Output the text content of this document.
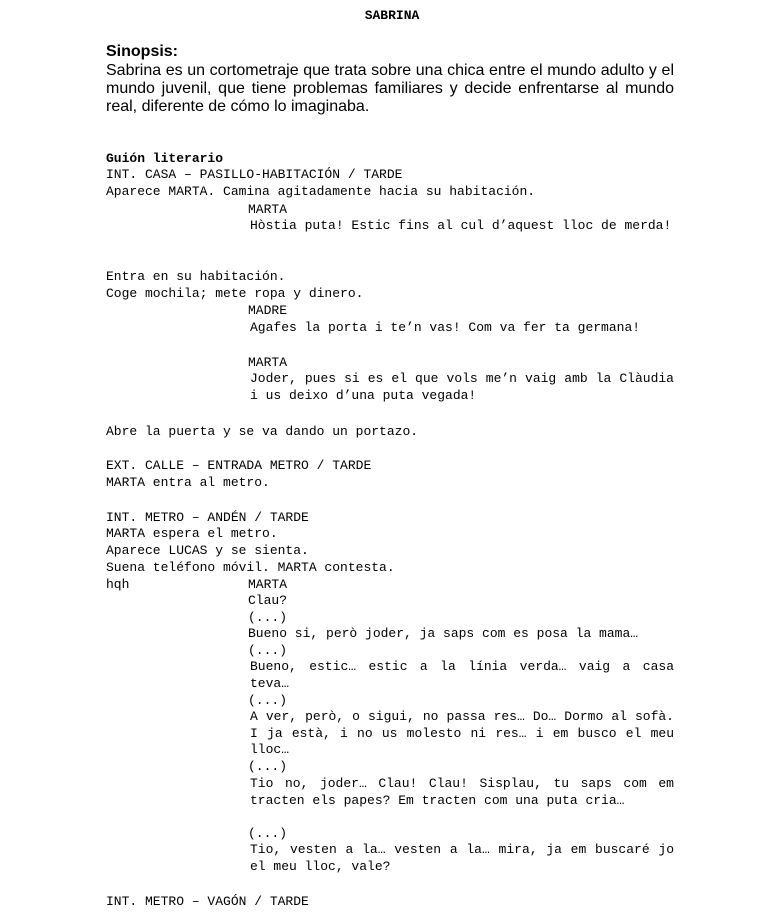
SABRINA
Sinopsis:
Sabrina es un cortometraje que trata sobre una chica entre el mundo adulto y el mundo juvenil, que tiene problemas familiares y decide enfrentarse al mundo real, diferente de cómo lo imaginaba.
Guión literario
INT. CASA – PASILLO-HABITACIÓN / TARDE
Aparece MARTA. Camina agitadamente hacia su habitación.
MARTA
Hòstia puta! Estic fins al cul d’aquest lloc de merda!
Entra en su habitación.
Coge mochila; mete ropa y dinero.
MADRE
Agafes la porta i te’n vas! Com va fer ta germana!
MARTA
Joder, pues si es el que vols me’n vaig amb la Clàudia i us deixo d’una puta vegada!
Abre la puerta y se va dando un portazo.
EXT. CALLE – ENTRADA METRO / TARDE
MARTA entra al metro.
INT. METRO – ANDÉN / TARDE
MARTA espera el metro.
Aparece LUCAS y se sienta.
Suena teléfono móvil. MARTA contesta.
hqh	MARTA
Clau?
(...)
Bueno si, però joder, ja saps com es posa la mama…
(...)
Bueno, estic… estic a la línia verda… vaig a casa teva…
(...)
A ver, però, o sigui, no passa res… Do… Dormo al sofà. I ja està, i no us molesto ni res… i em busco el meu lloc…
(...)
Tio no, joder… Clau! Clau! Sisplau, tu saps com em tracten els papes? Em tracten com una puta cria…
(...)
Tio, vesten a la… vesten a la… mira, ja em buscaré jo el meu lloc, vale?
INT. METRO – VAGÓN / TARDE
